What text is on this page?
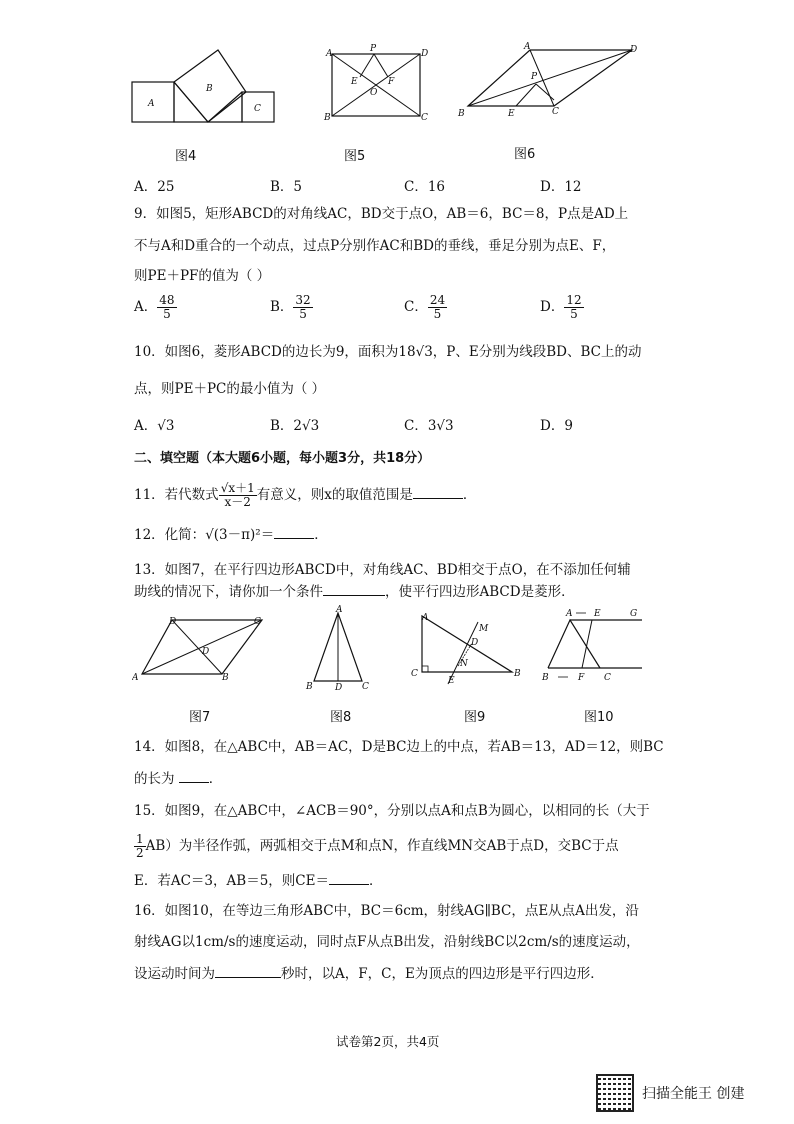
A
B
C
图4
A	P	D
E	F
O
B	C
图5
A	D
P
B	E	C
图6
A．25	B．5	C．16	D．12
9．如图5，矩形ABCD的对角线AC，BD交于点O，AB＝6，BC＝8，P点是AD上
不与A和D重合的一个动点，过点P分别作AC和BD的垂线，垂足分别为点E、F，
则PE＋PF的值为（ ）
A． $\frac{48}{5}$	B． $\frac{32}{5}$	C． $\frac{24}{5}$	D． $\frac{12}{5}$
10．如图6，菱形ABCD的边长为9，面积为18√3，P、E分别为线段BD、BC上的动
点，则PE＋PC的最小值为（ ）
A．√3	B．2√3	C．3√3	D．9
二、填空题（本大题6小题，每小题3分，共18分）
11．若代数式 $\frac{√x+1}{x-2}$ 有意义，则x的取值范围是	．
12．化简：√(3－π)²＝	．
13．如图7，在平行四边形ABCD中，对角线AC、BD相交于点O，在不添加任何辅
助线的情况下，请你加一个条件	，使平行四边形ABCD是菱形．
D	C
D
A	B
图7
A
B D C
图8
A
M
D
N
C
E
B
图9
A E	G
B	F C
图10
14．如图8，在△ABC中，AB＝AC，D是BC边上的中点，若AB＝13，AD＝12，则BC
的长为	．
15．如图9，在△ABC中，∠ACB＝90°，分别以点A和点B为圆心，以相同的长（大于
$\frac{1}{2} AB$）为半径作弧，两弧相交于点M和点N，作直线MN交AB于点D，交BC于点
E．若AC＝3，AB＝5，则CE＝	．
16．如图10，在等边三角形ABC中，BC＝6cm，射线AG∥BC，点E从点A出发，沿
射线AG以1cm/s的速度运动，同时点F从点B出发，沿射线BC以2cm/s的速度运动，
设运动时间为	秒时，以A，F，C，E为顶点的四边形是平行四边形．
试卷第2页，共4页
扫描全能王 创建
